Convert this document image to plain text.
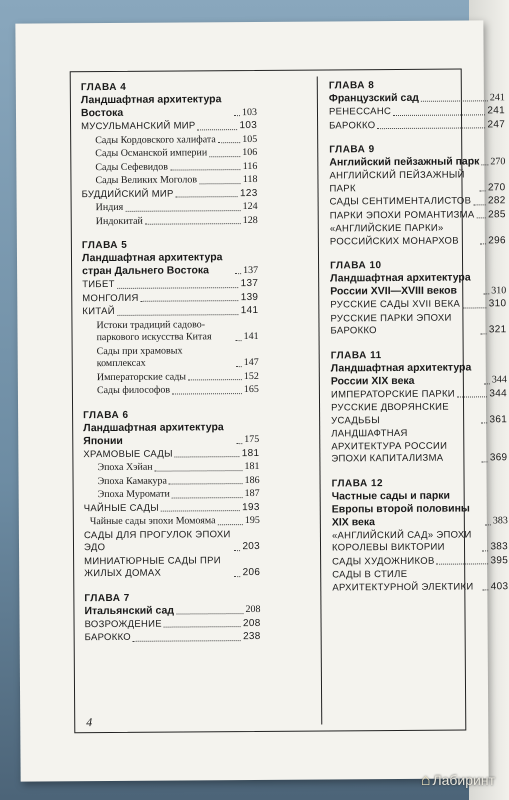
ГЛАВА 4
Ландшафтная архитектура Востока	103
МУСУЛЬМАНСКИЙ МИР	103
Сады Кордовского халифата	105
Сады Османской империи	106
Сады Сефевидов	116
Сады Великих Моголов	118
БУДДИЙСКИЙ МИР	123
Индия	124
Индокитай	128
ГЛАВА 5
Ландшафтная архитектура стран Дальнего Востока	137
ТИБЕТ	137
МОНГОЛИЯ	139
КИТАЙ	141
Истоки традиций садово-паркового искусства Китая	141
Сады при храмовых комплексах	147
Императорские сады	152
Сады философов	165
ГЛАВА 6
Ландшафтная архитектура Японии	175
ХРАМОВЫЕ САДЫ	181
Эпоха Хэйан	181
Эпоха Камакура	186
Эпоха Муромати	187
ЧАЙНЫЕ САДЫ	193
Чайные сады эпохи Момояма	195
САДЫ ДЛЯ ПРОГУЛОК ЭПОХИ ЭДО	203
МИНИАТЮРНЫЕ САДЫ ПРИ ЖИЛЫХ ДОМАХ	206
ГЛАВА 7
Итальянский сад	208
ВОЗРОЖДЕНИЕ	208
БАРОККО	238
ГЛАВА 8
Французский сад	241
РЕНЕССАНС	241
БАРОККО	247
ГЛАВА 9
Английский пейзажный парк 270
АНГЛИЙСКИЙ ПЕЙЗАЖНЫЙ ПАРК	270
САДЫ СЕНТИМЕНТАЛИСТОВ 282
ПАРКИ ЭПОХИ РОМАНТИЗМА 285
«АНГЛИЙСКИЕ ПАРКИ» РОССИЙСКИХ МОНАРХОВ	296
ГЛАВА 10
Ландшафтная архитектура России XVII—XVIII веков	310
РУССКИЕ САДЫ XVII ВЕКА	310
РУССКИЕ ПАРКИ ЭПОХИ БАРОККО	321
ГЛАВА 11
Ландшафтная архитектура России XIX века	344
ИМПЕРАТОРСКИЕ ПАРКИ	344
РУССКИЕ ДВОРЯНСКИЕ УСАДЬБЫ	361
ЛАНДШАФТНАЯ АРХИТЕКТУРА РОССИИ ЭПОХИ КАПИТАЛИЗМА	369
ГЛАВА 12
Частные сады и парки Европы второй половины XIX века	383
«АНГЛИЙСКИЙ САД» ЭПОХИ КОРОЛЕВЫ ВИКТОРИИ	383
САДЫ ХУДОЖНИКОВ	395
САДЫ В СТИЛЕ АРХИТЕКТУРНОЙ ЭЛЕКТИКИ	403
4
⌂ Лабиринт
